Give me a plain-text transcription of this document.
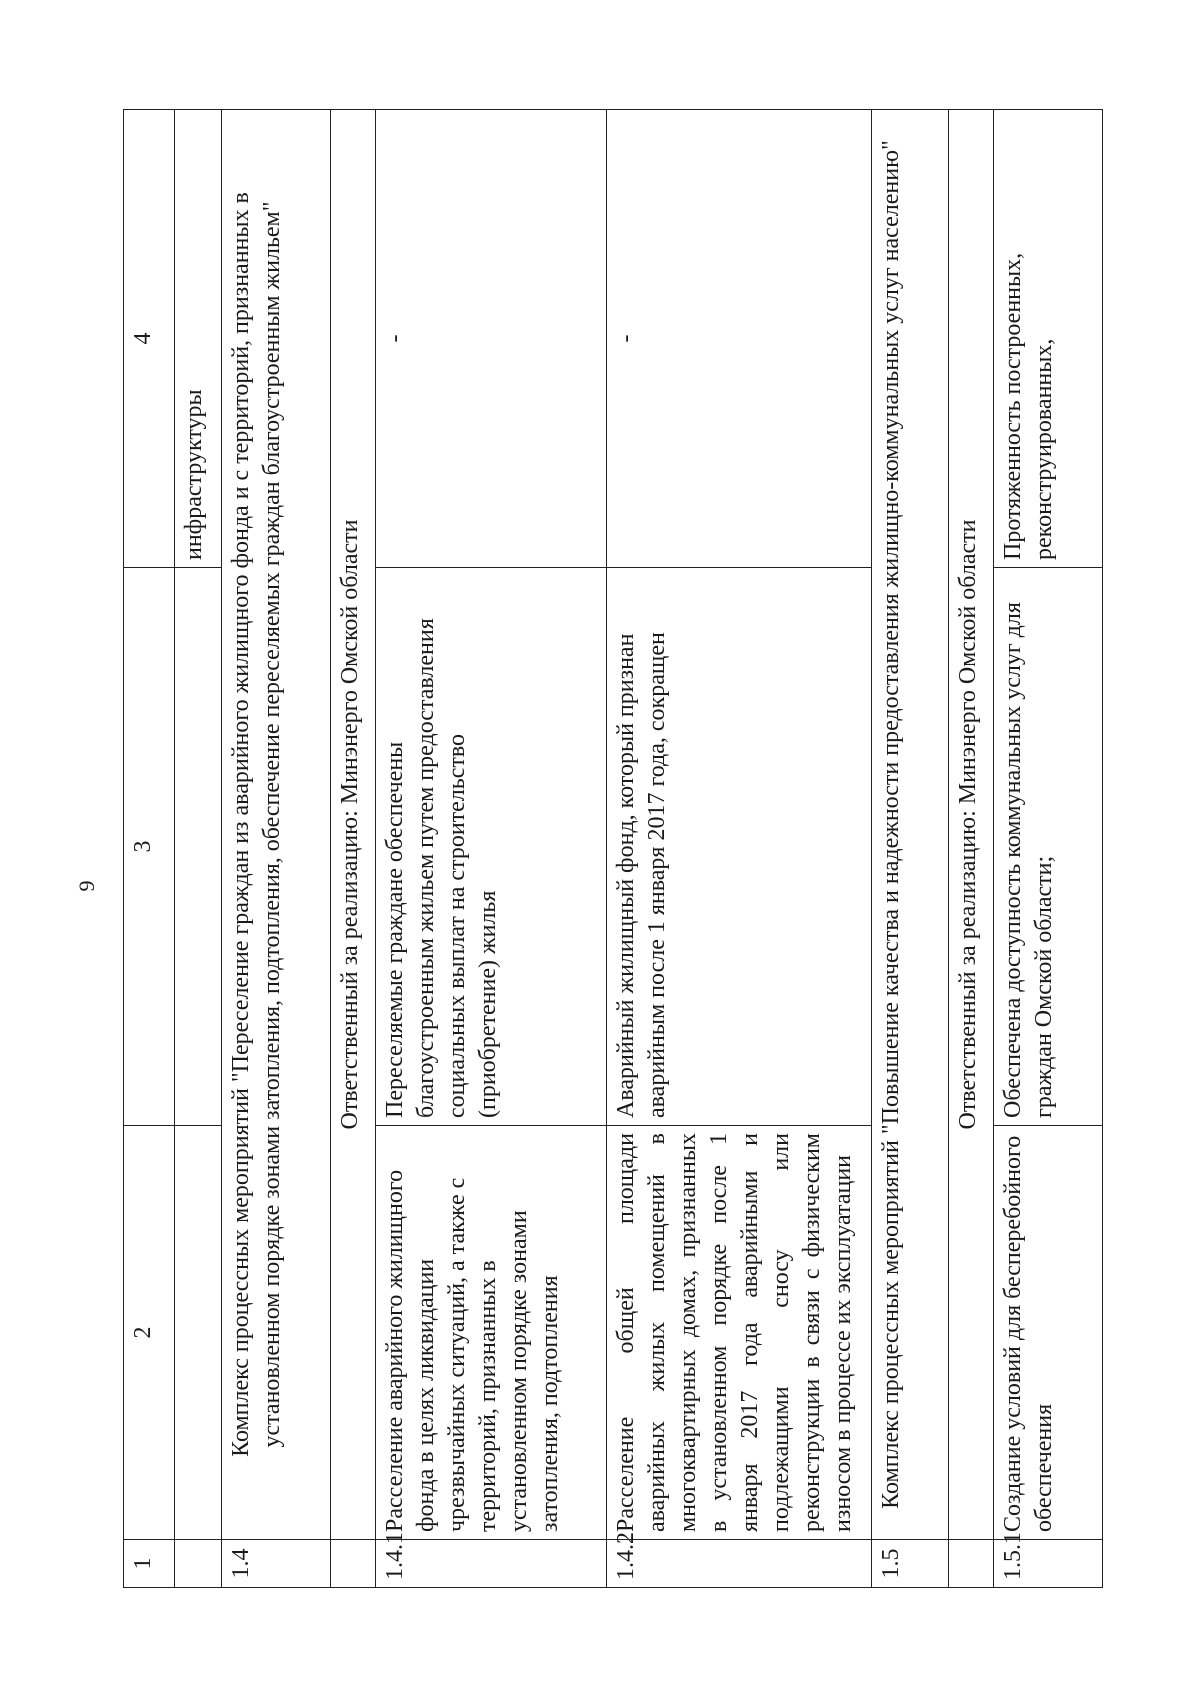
9
1	2	3	4
			инфраструктуры
1.4	Комплекс процессных мероприятий "Переселение граждан из аварийного жилищного фонда и с территорий, признанных в установленном порядке зонами затопления, подтопления, обеспечение переселяемых граждан благоустроенным жильем"		
	Ответственный за реализацию: Минэнерго Омской области		
1.4.1	Расселение аварийного жилищного фонда в целях ликвидации чрезвычайных ситуаций, а также с территорий, признанных в установленном порядке зонами затопления, подтопления	Переселяемые граждане обеспечены благоустроенным жильем путем предоставления социальных выплат на строительство (приобретение) жилья	-
1.4.2	Расселение общей площади аварийных жилых помещений в многоквартирных домах, признанных в установленном порядке после 1 января 2017 года аварийными и подлежащими сносу или реконструкции в связи с физическим износом в процессе их эксплуатации	Аварийный жилищный фонд, который признан аварийным после 1 января 2017 года, сокращен	-
1.5	Комплекс процессных мероприятий "Повышение качества и надежности предоставления жилищно-коммунальных услуг населению"		
	Ответственный за реализацию: Минэнерго Омской области		
1.5.1	Создание условий для бесперебойного обеспечения	Обеспечена доступность коммунальных услуг для граждан Омской области;	Протяженность построенных, реконструированных,
